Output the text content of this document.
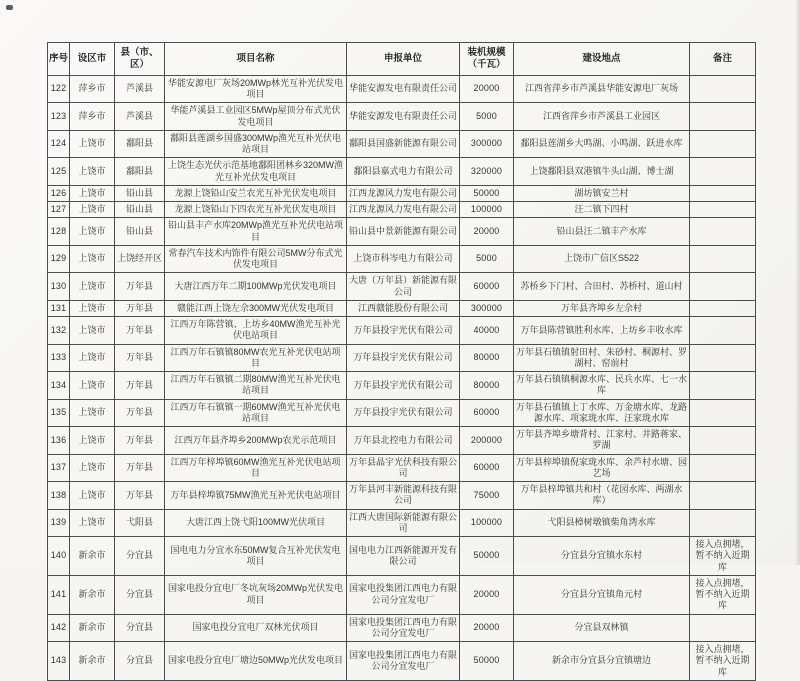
序号	设区市	县（市、区）	项目名称	申报单位	装机规模（千瓦）	建设地点	备注
122	萍乡市	芦溪县	华能安源电厂灰场20MWp林光互补光伏发电项目	华能安源发电有限责任公司	20000	江西省萍乡市芦溪县华能安源电厂灰场	
123	萍乡市	芦溪县	华能芦溪县工业园区5MWp屋顶分布式光伏发电项目	华能安源发电有限责任公司	5000	江西省萍乡市芦溪县工业园区	
124	上饶市	鄱阳县	鄱阳县莲湖乡国盛300MWp渔光互补光伏电站项目	鄱阳县国盛新能源有限公司	300000	鄱阳县莲湖乡大鸣湖、小鸣湖、跃进水库	
125	上饶市	鄱阳县	上饶生态光伏示范基地鄱阳团林乡320MW渔光互补光伏发电项目	鄱阳县嘉式电力有限公司	320000	上饶鄱阳县双港镇牛头山湖、博士湖	
126	上饶市	铅山县	龙源上饶铅山安兰农光互补光伏发电项目	江西龙源风力发电有限公司	50000	湖坊镇安兰村	
127	上饶市	铅山县	龙源上饶铅山下四农光互补光伏发电项目	江西龙源风力发电有限公司	100000	汪二镇下四村	
128	上饶市	铅山县	铅山县丰产水库20MWp渔光互补光伏电站项目	铅山县中景新能源有限公司	20000	铅山县汪二镇丰产水库	
129	上饶市	上饶经开区	常春汽车技术内饰件有限公司5MW分布式光伏发电项目	上饶市科岑电力有限公司	5000	上饶市广信区S522	
130	上饶市	万年县	大唐江西万年二期100MWp光伏发电项目	大唐（万年县）新能源有限公司	60000	苏桥乡下门村、合田村、苏桥村、道山村	
131	上饶市	万年县	赣能江西上饶左佘300MW光伏发电项目	江西赣能股份有限公司	300000	万年县齐埠乡左佘村	
132	上饶市	万年县	江西万年陈营镇、上坊乡40MW渔光互补光伏电站项目	万年县投宇光伏有限公司	40000	万年县陈营镇胜利水库、上坊乡丰收水库	
133	上饶市	万年县	江西万年石镇镇80MW农光互补光伏电站项目	万年县投宇光伏有限公司	80000	万年县石镇镇射田村、朱砂村、桐源村、罗湖村、窑前村	
134	上饶市	万年县	江西万年石镇镇二期80MW渔光互补光伏电站项目	万年县投宇光伏有限公司	80000	万年县石镇镇桐源水库、民兵水库、七一水库	
135	上饶市	万年县	江西万年石镇镇一期60MW渔光互补光伏电站项目	万年县投宇光伏有限公司	60000	万年县石镇镇上丁水库、万金塘水库、龙路源水库、项家珑水库、汪家珑水库	
136	上饶市	万年县	江西万年县齐埠乡200MWp农光示范项目	万年县北控电力有限公司	200000	万年县齐埠乡塘背村、江家村、井路蒋家、罗湖	
137	上饶市	万年县	江西万年梓埠镇60MW渔光互补光伏电站项目	万年县晶宇光伏科技有限公司	60000	万年县梓埠镇倪家珑水库、余芦村水塘、园艺场	
138	上饶市	万年县	万年县梓埠镇75MW渔光互补光伏电站项目	万年县河丰新能源科技有限公司	75000	万年县梓埠镇共和村（花园水库、两湖水库）	
139	上饶市	弋阳县	大唐江西上饶弋阳100MW光伏项目	江西大唐国际新能源有限公司	100000	弋阳县樟树墩镇柴角湾水库	
140	新余市	分宜县	国电电力分宜水东50MW复合互补光伏发电项目	国电电力江西新能源开发有限公司	50000	分宜县分宜镇水东村	接入点拥堵，暂不纳入近期库
141	新余市	分宜县	国家电投分宜电厂冬坑灰场20MWp光伏发电项目	国家电投集团江西电力有限公司分宜发电厂	20000	分宜县分宜镇角元村	接入点拥堵，暂不纳入近期库
142	新余市	分宜县	国家电投分宜电厂双林光伏项目	国家电投集团江西电力有限公司分宜发电厂	20000	分宜县双林镇	
143	新余市	分宜县	国家电投分宜电厂塘边50MWp光伏发电项目	国家电投集团江西电力有限公司分宜发电厂	50000	新余市分宜县分宜镇塘边	接入点拥堵，暂不纳入近期库
